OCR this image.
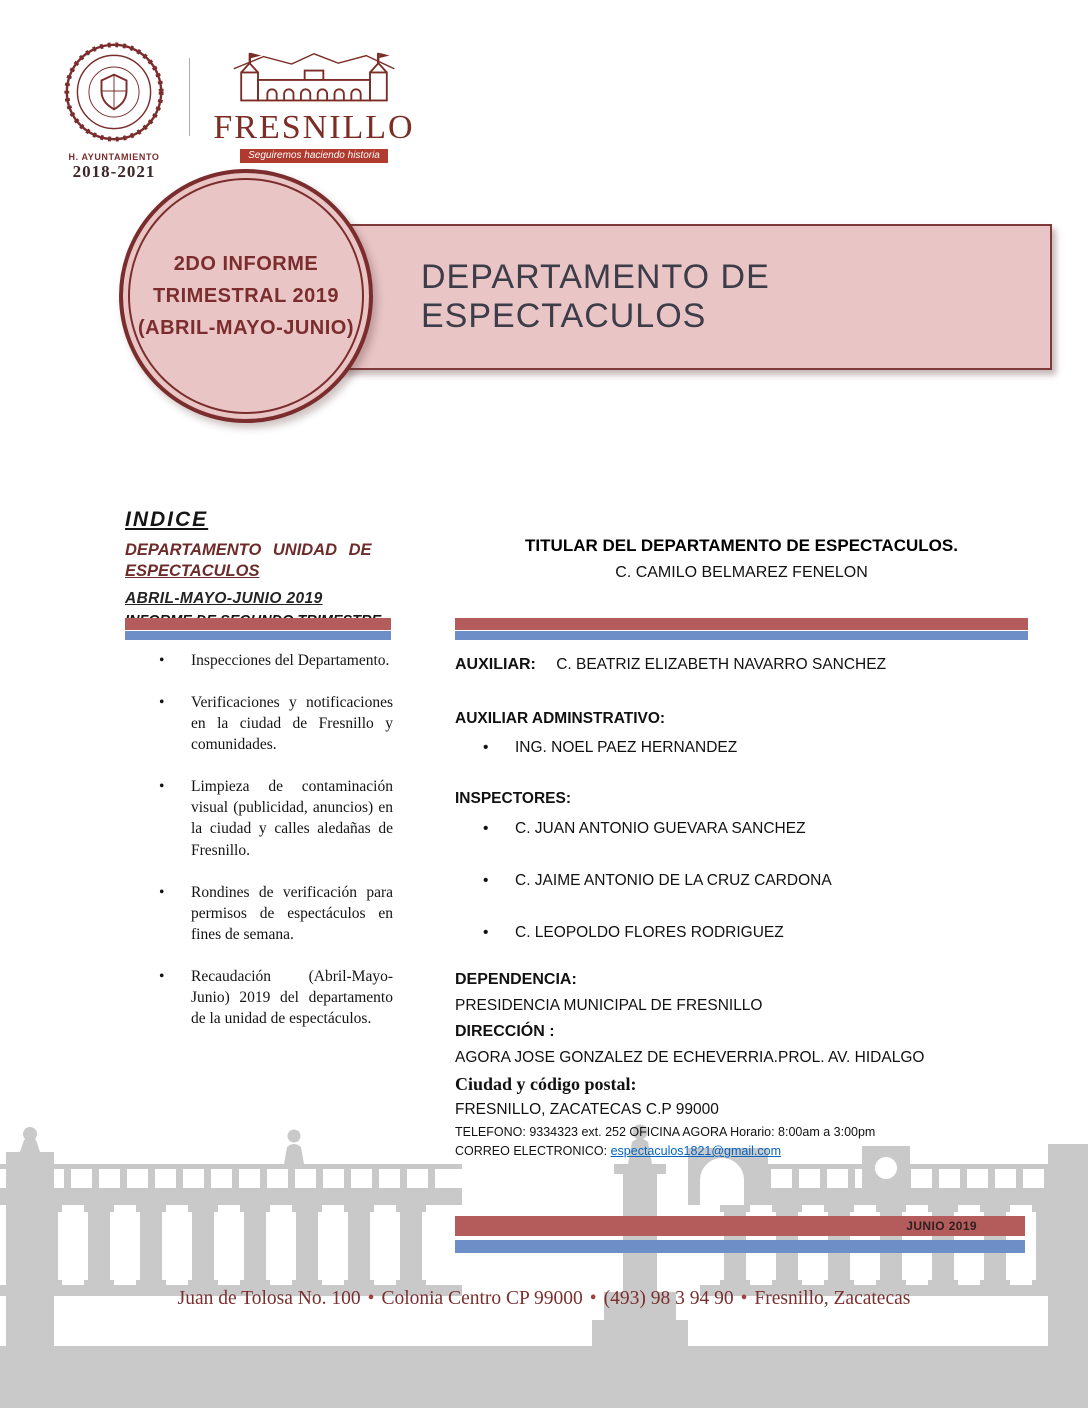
H. AYUNTAMIENTO
2018-2021
FRESNILLO
Seguiremos haciendo historia
DEPARTAMENTO DE ESPECTACULOS
2DO INFORME
TRIMESTRAL 2019
(ABRIL-MAYO-JUNIO)
INDICE
DEPARTAMENTO UNIDAD DE
ESPECTACULOS
ABRIL-MAYO-JUNIO 2019
• Inspecciones del Departamento.
• Verificaciones y notificaciones en la ciudad de Fresnillo y comunidades.
• Limpieza de contaminación visual (publicidad, anuncios) en la ciudad y calles aledañas de Fresnillo.
• Rondines de verificación para permisos de espectáculos en fines de semana.
• Recaudación (Abril-Mayo-Junio) 2019 del departamento de la unidad de espectáculos.
TITULAR DEL DEPARTAMENTO DE ESPECTACULOS.
C. CAMILO BELMAREZ FENELON
AUXILIAR: C. BEATRIZ ELIZABETH NAVARRO SANCHEZ
AUXILIAR ADMINSTRATIVO:
• ING. NOEL PAEZ HERNANDEZ
INSPECTORES:
• C. JUAN ANTONIO GUEVARA SANCHEZ
• C. JAIME ANTONIO DE LA CRUZ CARDONA
• C. LEOPOLDO FLORES RODRIGUEZ

DEPENDENCIA:

PRESIDENCIA MUNICIPAL DE FRESNILLO

DIRECCIÓN :

AGORA JOSE GONZALEZ DE ECHEVERRIA.PROL. AV. HIDALGO

Ciudad y código postal:

FRESNILLO, ZACATECAS C.P 99000

TELEFONO: 9334323 ext. 252 OFICINA AGORA Horario: 8:00am a 3:00pm

CORREO ELECTRONICO: espectaculos1821@gmail.com

JUNIO 2019
Juan de Tolosa No. 100 • Colonia Centro CP 99000 • (493) 98 3 94 90 • Fresnillo, Zacatecas
